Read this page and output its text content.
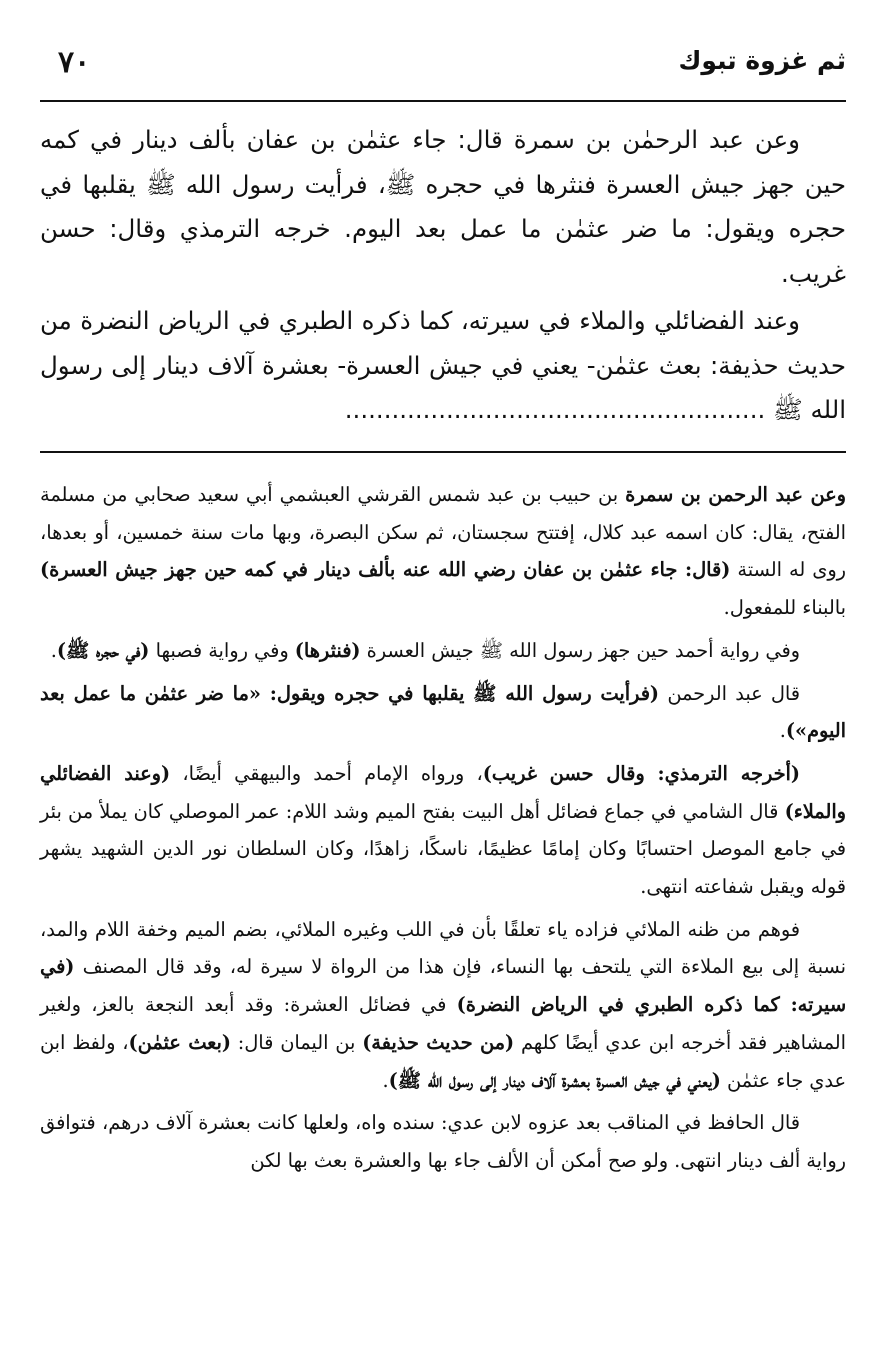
٧٠	ثم غزوة تبوك

وعن عبد الرحمٰن بن سمرة قال: جاء عثمٰن بن عفان بألف دينار في كمه حين جهز جيش العسرة فنثرها في حجره ﷺ، فرأيت رسول الله ﷺ يقلبها في حجره ويقول: ما ضر عثمٰن ما عمل بعد اليوم. خرجه الترمذي وقال: حسن غريب.

وعند الفضائلي والملاء في سيرته، كما ذكره الطبري في الرياض النضرة من حديث حذيفة: بعث عثمٰن- يعني في جيش العسرة- بعشرة آلاف دينار إلى رسول الله ﷺ ......................................................

وعن عبد الرحمن بن سمرة بن حبيب بن عبد شمس القرشي العبشمي أبي سعيد صحابي من مسلمة الفتح، يقال: كان اسمه عبد كلال، إفتتح سجستان، ثم سكن البصرة، وبها مات سنة خمسين، أو بعدها، روى له الستة (قال: جاء عثمٰن بن عفان رضي الله عنه بألف دينار في كمه حين جهز جيش العسرة) بالبناء للمفعول.

وفي رواية أحمد حين جهز رسول الله ﷺ جيش العسرة (فنثرها) وفي رواية فصبها (في حجره ﷺ).

قال عبد الرحمن (فرأيت رسول الله ﷺ يقلبها في حجره ويقول: «ما ضر عثمٰن ما عمل بعد اليوم»).

(أخرجه الترمذي: وقال حسن غريب)، ورواه الإمام أحمد والبيهقي أيضًا، (وعند الفضائلي والملاء) قال الشامي في جماع فضائل أهل البيت بفتح الميم وشد اللام: عمر الموصلي كان يملأ من بئر في جامع الموصل احتسابًا وكان إمامًا عظيمًا، ناسكًا، زاهدًا، وكان السلطان نور الدين الشهيد يشهر قوله ويقبل شفاعته انتهى.

فوهم من ظنه الملائي فزاده ياء تعلقًا بأن في اللب وغيره الملائي، بضم الميم وخفة اللام والمد، نسبة إلى بيع الملاءة التي يلتحف بها النساء، فإن هذا من الرواة لا سيرة له، وقد قال المصنف (في سيرته: كما ذكره الطبري في الرياض النضرة) في فضائل العشرة: وقد أبعد النجعة بالعز، ولغير المشاهير فقد أخرجه ابن عدي أيضًا كلهم (من حديث حذيفة) بن اليمان قال: (بعث عثمٰن)، ولفظ ابن عدي جاء عثمٰن (يعني في جيش العسرة بعشرة آلاف دينار إلى رسول الله ﷺ).

قال الحافظ في المناقب بعد عزوه لابن عدي: سنده واه، ولعلها كانت بعشرة آلاف درهم، فتوافق رواية ألف دينار انتهى. ولو صح أمكن أن الألف جاء بها والعشرة بعث بها لكن
